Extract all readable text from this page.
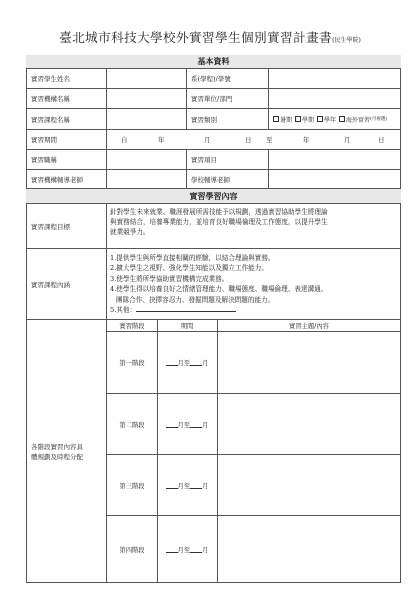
臺北城市科技大學校外實習學生個別實習計畫書(民生學院)
基本資料
實習學生姓名	系(學程)/學號
實習機構名稱	實習單位/部門
實習課程名稱	實習類別	暑期 學期 學年 海外實習 (可複選)
實習期間	自	年	月	日 至	年	月	日
實習職稱	實習項目
實習機構輔導老師	學校輔導老師
實習學習內容
實習課程目標
針對學生未來就業、職涯發展所需技能予以規劃，透過實習協助學生將理論
與實務結合，培養專業能力，並培育良好職場倫理及工作態度，以提升學生
就業競爭力。
實習課程內涵
1.提供學生與所學直接相關的經驗，以結合理論與實務。
2.擴大學生之視野、強化學生知能以及獨立工作能力。
3.使學生將所學協助實習機構完成業務。
4.使學生得以培養良好之情緒管理能力、職場態度、職場倫理、表達溝通、
團隊合作、抉擇容忍力、發掘問題及解決問題的能力。
5.其他：
各階段實習內容具
體規劃及時程分配
實習階段	期間	實習主題/內容
第一階段	月至 月
第二階段	月至 月
第三階段	月至 月
第四階段	月至 月
